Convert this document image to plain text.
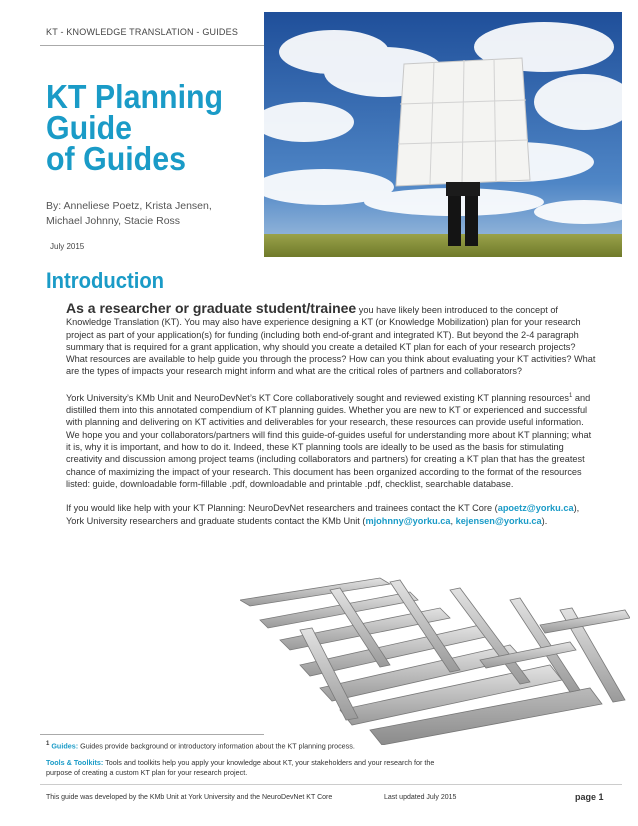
KT - KNOWLEDGE TRANSLATION - GUIDES
KT Planning
Guide
of Guides
By: Anneliese Poetz, Krista Jensen,
Michael Johnny, Stacie Ross
July 2015
Introduction

As a researcher or graduate student/trainee you have likely been introduced to the concept of Knowledge Translation (KT). You may also have experience designing a KT (or Knowledge Mobilization) plan for your research project as part of your application(s) for funding (including both end-of-grant and integrated KT). But beyond the 2-4 paragraph summary that is required for a grant application, why should you create a detailed KT plan for each of your research projects? What resources are available to help guide you through the process? How can you think about evaluating your KT activities? What are the types of impacts your research might inform and what are the critical roles of partners and collaborators?

York University’s KMb Unit and NeuroDevNet’s KT Core collaboratively sought and reviewed existing KT planning resources$^1$ and distilled them into this annotated compendium of KT planning guides. Whether you are new to KT or experienced and successful with planning and delivering on KT activities and deliverables for your research, these resources can provide useful information. We hope you and your collaborators/partners will find this guide-of-guides useful for understanding more about KT planning; what it is, why it is important, and how to do it. Indeed, these KT planning tools are ideally to be used as the basis for stimulating creativity and discussion among project teams (including collaborators and partners) for creating a KT plan that has the greatest chance of maximizing the impact of your research. This document has been organized according to the format of the resources listed: guide, downloadable form-fillable .pdf, downloadable and printable .pdf, checklist, searchable database.

If you would like help with your KT Planning: NeuroDevNet researchers and trainees contact the KT Core (apoetz@yorku.ca), York University researchers and graduate students contact the KMb Unit (mjohnny@yorku.ca, kejensen@yorku.ca).

$^1$ Guides: Guides provide background or introductory information about the KT planning process.
Tools & Toolkits: Tools and toolkits help you apply your knowledge about KT, your stakeholders and your research for the purpose of creating a custom KT plan for your research project.
This guide was developed by the KMb Unit at York University and the NeuroDevNet KT Core	Last updated July 2015	page 1
